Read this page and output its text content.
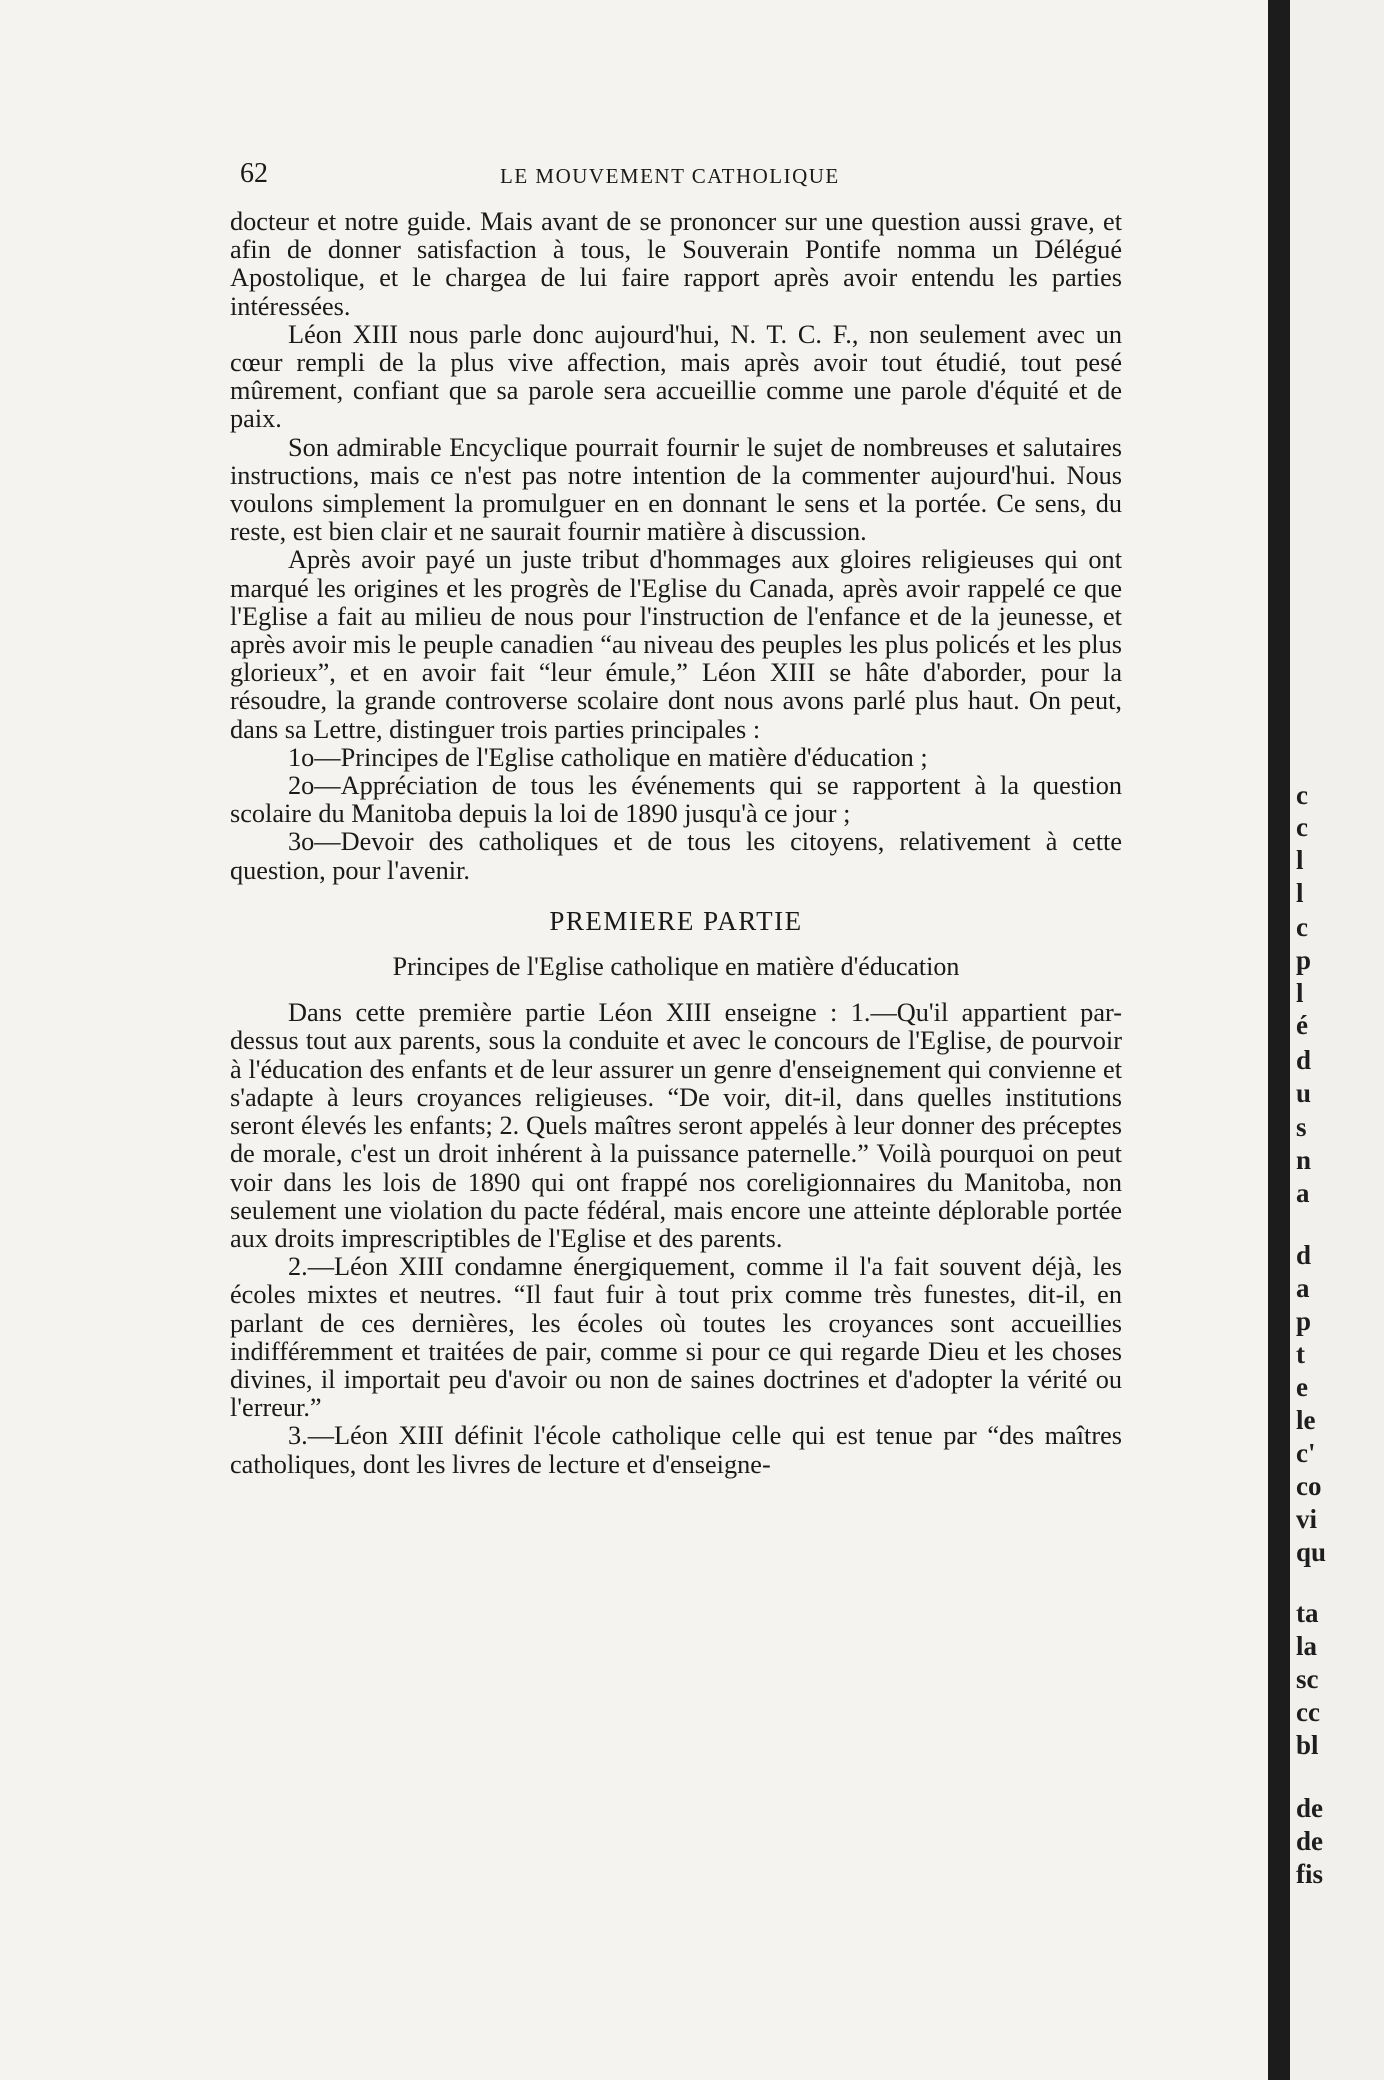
62	LE MOUVEMENT CATHOLIQUE

docteur et notre guide. Mais avant de se prononcer sur une question aussi grave, et afin de donner satisfaction à tous, le Souverain Pontife nomma un Délégué Apostolique, et le chargea de lui faire rapport après avoir entendu les parties intéressées.

Léon XIII nous parle donc aujourd'hui, N. T. C. F., non seulement avec un cœur rempli de la plus vive affection, mais après avoir tout étudié, tout pesé mûrement, confiant que sa parole sera accueillie comme une parole d'équité et de paix.

Son admirable Encyclique pourrait fournir le sujet de nombreuses et salutaires instructions, mais ce n'est pas notre intention de la commenter aujourd'hui. Nous voulons simplement la promulguer en en donnant le sens et la portée. Ce sens, du reste, est bien clair et ne saurait fournir matière à discussion.

Après avoir payé un juste tribut d'hommages aux gloires religieuses qui ont marqué les origines et les progrès de l'Eglise du Canada, après avoir rappelé ce que l'Eglise a fait au milieu de nous pour l'instruction de l'enfance et de la jeunesse, et après avoir mis le peuple canadien “au niveau des peuples les plus policés et les plus glorieux”, et en avoir fait “leur émule,” Léon XIII se hâte d'aborder, pour la résoudre, la grande controverse scolaire dont nous avons parlé plus haut. On peut, dans sa Lettre, distinguer trois parties principales :

1o—Principes de l'Eglise catholique en matière d'éducation ;

2o—Appréciation de tous les événements qui se rapportent à la question scolaire du Manitoba depuis la loi de 1890 jusqu'à ce jour ;

3o—Devoir des catholiques et de tous les citoyens, relativement à cette question, pour l'avenir.

PREMIERE PARTIE

Principes de l'Eglise catholique en matière d'éducation

Dans cette première partie Léon XIII enseigne : 1.—Qu'il appartient par-dessus tout aux parents, sous la conduite et avec le concours de l'Eglise, de pourvoir à l'éducation des enfants et de leur assurer un genre d'enseignement qui convienne et s'adapte à leurs croyances religieuses. “De voir, dit-il, dans quelles institutions seront élevés les enfants; 2. Quels maîtres seront appelés à leur donner des préceptes de morale, c'est un droit inhérent à la puissance paternelle.” Voilà pourquoi on peut voir dans les lois de 1890 qui ont frappé nos coreligionnaires du Manitoba, non seulement une violation du pacte fédéral, mais encore une atteinte déplorable portée aux droits imprescriptibles de l'Eglise et des parents.

2.—Léon XIII condamne énergiquement, comme il l'a fait souvent déjà, les écoles mixtes et neutres. “Il faut fuir à tout prix comme très funestes, dit-il, en parlant de ces dernières, les écoles où toutes les croyances sont accueillies indifféremment et traitées de pair, comme si pour ce qui regarde Dieu et les choses divines, il importait peu d'avoir ou non de saines doctrines et d'adopter la vérité ou l'erreur.”

3.—Léon XIII définit l'école catholique celle qui est tenue par “des maîtres catholiques, dont les livres de lecture et d'enseigne-

c
c
l
l
c
p
l
é
d
u
s
n
a
d
a
p
t
e
le
c'
co
vi
qu
ta
la
sc
cc
bl
de
de
fis
